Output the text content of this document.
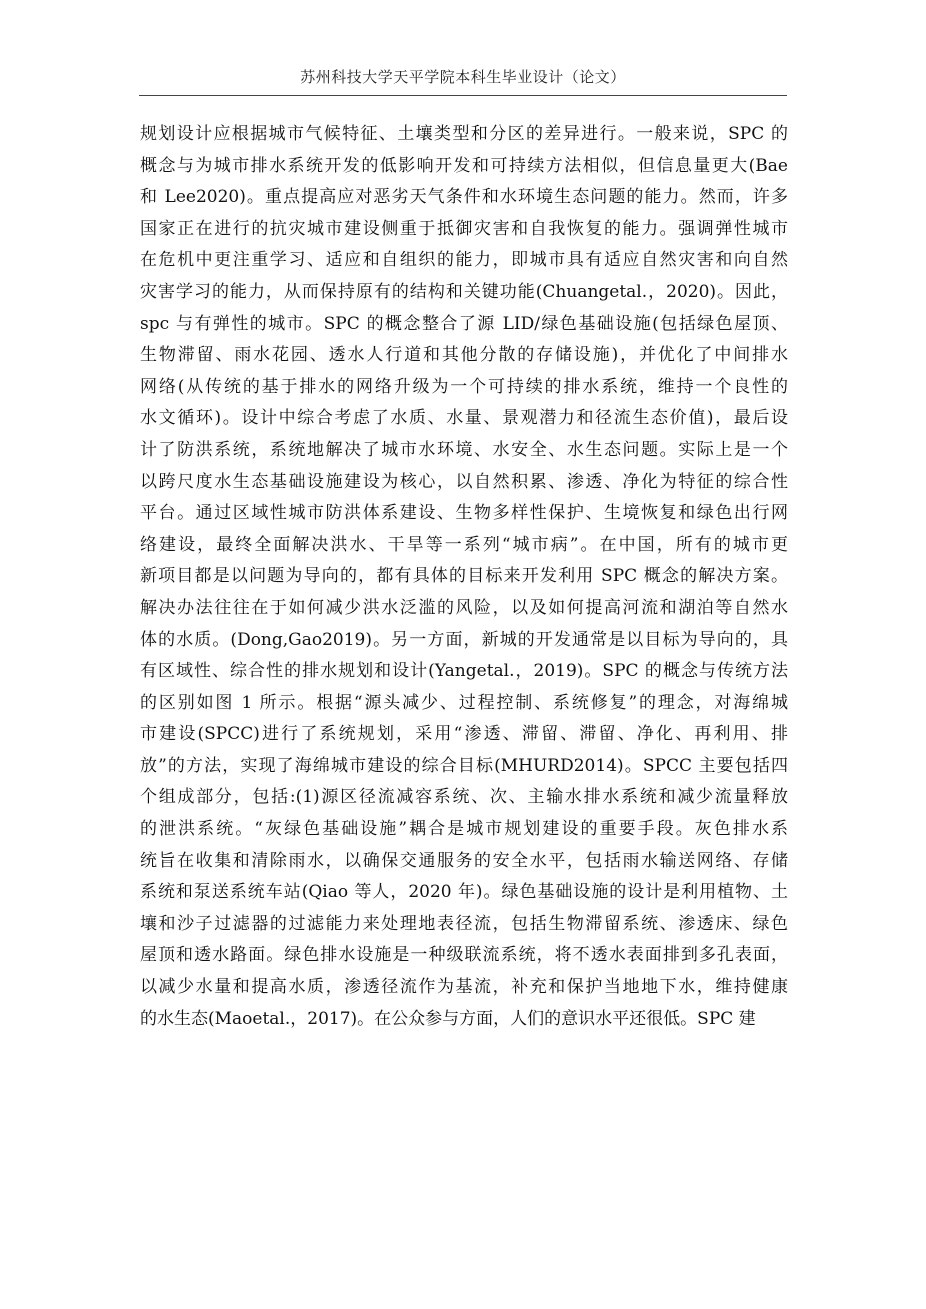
苏州科技大学天平学院本科生毕业设计（论文）
规划设计应根据城市气候特征、土壤类型和分区的差异进行。一般来说，SPC 的
概念与为城市排水系统开发的低影响开发和可持续方法相似，但信息量更大(Bae
和 Lee2020)。重点提高应对恶劣天气条件和水环境生态问题的能力。然而，许多
国家正在进行的抗灾城市建设侧重于抵御灾害和自我恢复的能力。强调弹性城市
在危机中更注重学习、适应和自组织的能力，即城市具有适应自然灾害和向自然
灾害学习的能力，从而保持原有的结构和关键功能(Chuangetal.，2020)。因此，
spc 与有弹性的城市。SPC 的概念整合了源 LID/绿色基础设施(包括绿色屋顶、
生物滞留、雨水花园、透水人行道和其他分散的存储设施)，并优化了中间排水
网络(从传统的基于排水的网络升级为一个可持续的排水系统，维持一个良性的
水文循环)。设计中综合考虑了水质、水量、景观潜力和径流生态价值)，最后设
计了防洪系统，系统地解决了城市水环境、水安全、水生态问题。实际上是一个
以跨尺度水生态基础设施建设为核心，以自然积累、渗透、净化为特征的综合性
平台。通过区域性城市防洪体系建设、生物多样性保护、生境恢复和绿色出行网
络建设，最终全面解决洪水、干旱等一系列“城市病”。在中国，所有的城市更
新项目都是以问题为导向的，都有具体的目标来开发利用 SPC 概念的解决方案。
解决办法往往在于如何减少洪水泛滥的风险，以及如何提高河流和湖泊等自然水
体的水质。(Dong,Gao2019)。另一方面，新城的开发通常是以目标为导向的，具
有区域性、综合性的排水规划和设计(Yangetal.，2019)。SPC 的概念与传统方法
的区别如图 1 所示。根据“源头减少、过程控制、系统修复”的理念，对海绵城
市建设(SPCC)进行了系统规划，采用“渗透、滞留、滞留、净化、再利用、排
放”的方法，实现了海绵城市建设的综合目标(MHURD2014)。SPCC 主要包括四
个组成部分，包括:(1)源区径流减容系统、次、主输水排水系统和减少流量释放
的泄洪系统。“灰绿色基础设施”耦合是城市规划建设的重要手段。灰色排水系
统旨在收集和清除雨水，以确保交通服务的安全水平，包括雨水输送网络、存储
系统和泵送系统车站(Qiao 等人，2020 年)。绿色基础设施的设计是利用植物、土
壤和沙子过滤器的过滤能力来处理地表径流，包括生物滞留系统、渗透床、绿色
屋顶和透水路面。绿色排水设施是一种级联流系统，将不透水表面排到多孔表面，
以减少水量和提高水质，渗透径流作为基流，补充和保护当地地下水，维持健康
的水生态(Maoetal.，2017)。在公众参与方面，人们的意识水平还很低。SPC 建
